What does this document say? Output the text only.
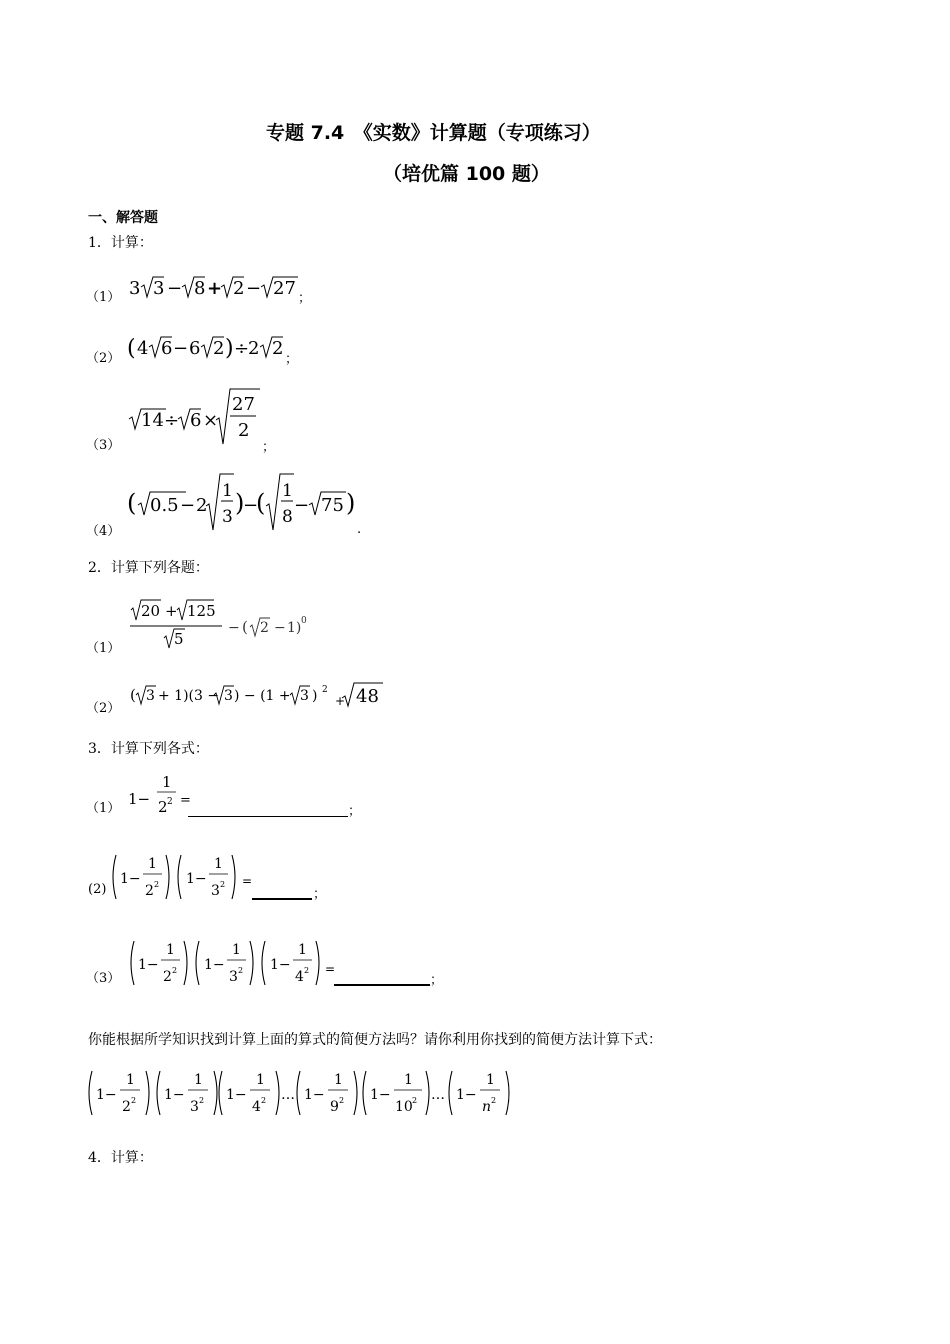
专题 7.4　《实数》计算题（专项练习）
（培优篇 100 题）
一、解答题
1．计算：
（1） 3 3 − 8 + 2 − 27 ；
（2） ( 4 6 − 6 2 ) ÷
2 2
；
（3）
14 ÷ 6 ×
27
2
；
（4）
( 0.5 − 2
1
3 )
−
( 1
8
− 75 )
.
2．计算下列各题：
（1）
20 + 125
5
− ( 2 − 1) 0
（2）
( 3 + 1)(3 − 3 ) − (1 + 3 ) 2
+ 48
3．计算下列各式：
（1）
1−
1
2 2 =
；
(2)
1−
1
2 2 1−
1
3 2 =
；
（3）
1−
1
2 2 1−
1
3 2 1−
1
4 2 =
；
你能根据所学知识找到计算上面的算式的简便方法吗？请你利用你找到的简便方法计算下式：
1−
1
2 2 1−
1
3 2 1−
1
4 2 … 1−
1
9 2 1−
1
10 2 … 1−
1
n 2
4．计算：
